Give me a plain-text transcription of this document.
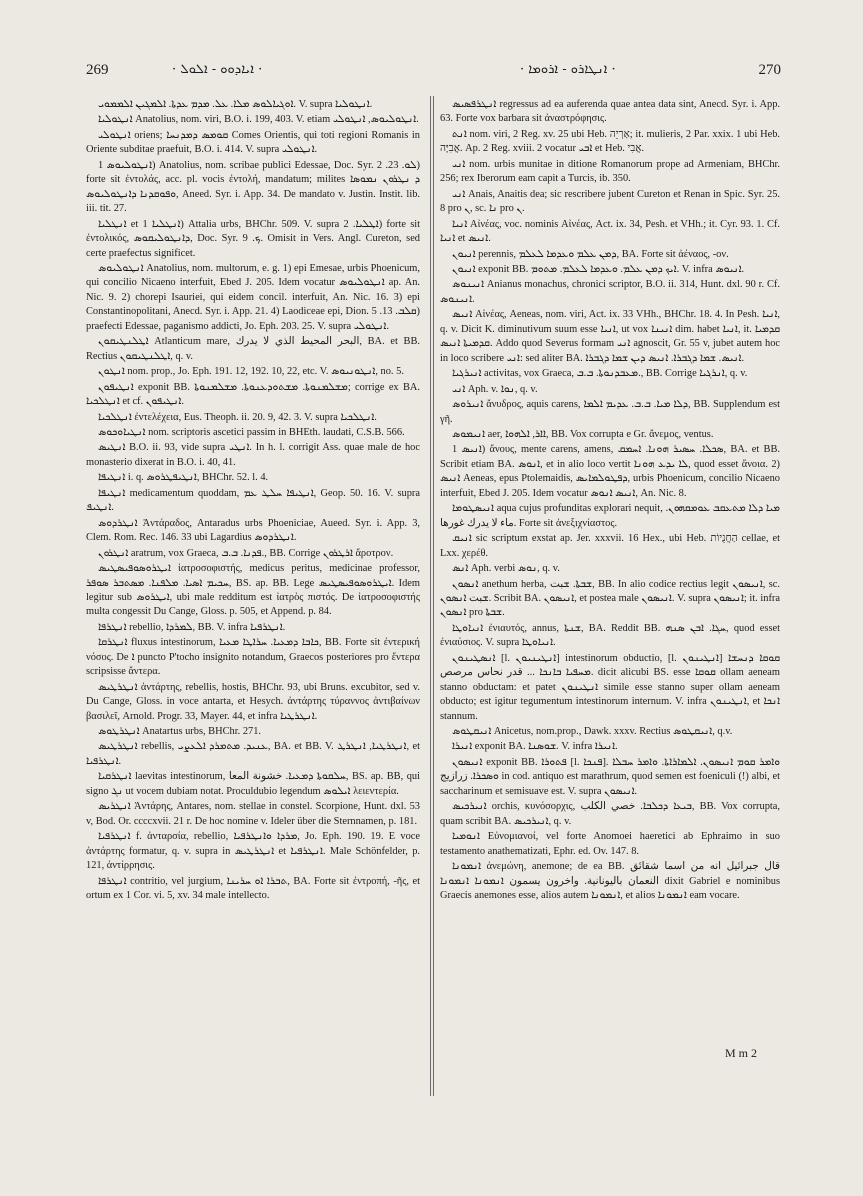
269	· ܐܝܐܕܘܘ - ܐܠܘܠ ·	· ܐܢܛܐܪܘ - ܐܪܘܡܐ ·	270

ܐܘܓܝܐܠܘܣ ܡܠܐ. ܥܠ. ܡܕܡ ܥܕܬܐ. ܐܠܡܓܝܢ ܐܠܡܡܘܝ. V. supra ܐܢܛܘܠܝܐ.

ܐܢܛܘܠܝܐ Anatolius, nom. viri, B.O. i. 199, 403. V. etiam ܐܢܛܘܠܝܘܣ, ܐܢܛܘܠܝ.

ܐܢܛܘܠܝ oriens; ܩܘܡܣ ܕܡܕܢܚܐ Comes Orientis, qui toti regioni Romanis in Oriente subditae praefuit, B.O. i. 414. V. supra ܐܢܛܘܠܝ.

ܐܢܛܘܠܝܘܣ 1) Anatolius, nom. scribae publici Edessae, Doc. Syr. ܠܘ. 23. 2) forte sit ἐντολάς, acc. pl. vocis ἐντολή, mandatum; milites ܕ ܢܛܪܘܢ ܢܡܘܣܐ ܘܦܘܩܕܢܐ ܕܐܢܛܘܠܝܘܣ, Aneed. Syr. i. App. 34. De mandato v. Justin. Instit. lib. iii. tit. 27.

ܐܢܛܠܝܐ et ܐܢܛܠܝܐ 1) Attalia urbs, BHChr. 509. V. supra ܐܛܠܝܐ. 2) forte sit ἐντολικός, ܕܐܢܛܘܠܝܩܘܣ, Doc. Syr. ܟ. 9. Omisit in Vers. Angl. Cureton, sed certe praefectus significet.

ܐܢܛܘܠܝܘܣ Anatolius, nom. multorum, e. g. 1) epi Emesae, urbis Phoenicum, qui concilio Nicaeno interfuit, Ebed J. 205. Idem vocatur ܐܢܛܘܠܝܘܣ ap. An. Nic. 9. 2) chorepi Isauriei, qui eidem concil. interfuit, An. Nic. 16. 3) epi Constantinopolitani, Anecd. Syr. i. App. 21. 4) Laodiceae epi, Dion. ܩܠܒ. 13. 5) praefecti Edessae, paganismo addicti, Jo. Eph. 203. 25. V. supra ܐܢܛܘܠܝ.

ܐܛܠܢܛܝܩܘܢ Atlanticum mare, البحر المحيط الذي لا يدرك, BA. et BB. Rectius ܐܛܠܢܛܝܩܘܢ, q. v.

ܐܢܛܘܢ nom. prop., Jo. Eph. 191. 12, 192. 10, 22, etc. V. ܐܢܛܘܢܝܘܣ, no. 5.

ܐܢܛܝܦܘܢ exponit BB. ܡܫܠܡܢܘܬܐ. ܡܫܬܘܕܥܢܘܬܐ. ܡܫܠܡܢܘܬܐ; corrige ex BA. ܐܢܛܠܟܝܐ et cf. ܐܢܛܝܦܘܢ.

ܐܢܛܠܟܝܐ ἐντελέχεια, Eus. Theoph. ii. 20. 9, 42. 3. V. supra ܐܢܛܠܟܝܐ.

ܐܢܛܝܐܘܟܘܣ nom. scriptoris ascetici passim in BHEth. laudati, C.S.B. 566.

ܐܢܛܝܣ B.O. ii. 93, vide supra ܐܢܛܝ. In h. l. corrigit Ass. quae male de hoc monasterio dixerat in B.O. i. 40, 41.

ܐܢܛܝܦܐ i. q. ܐܢܛܝܦܛܪܘܣ, BHChr. 52. l. 4.

ܐܢܛܝܦܐ medicamentum quoddam, ܐܢܛܝܦܐ ܚܠܛ ܥܡ, Geop. 50. 16. V. supra ܐܢܛܝܦ.

ܐܢܛܪܕܘܣ Ἀντάραδος, Antaradus urbs Phoeniciae, Aueed. Syr. i. App. 3, Clem. Rom. Rec. 146. 33 ubi Lagardius ܐܢܛܪܕܘܣ.

ܐܢܛܪܘܢ aratrum, vox Graeca, ܦܕܢܐ. ܒ.ܒ., BB. Corrige ܐܪܛܪܘܢ ἄροτρον.

ܐܝܛܪܘܣܘܦܝܣܛܝܣ ἰατροσοφιστής, medicus peritus, medicinae professor, ܚܟܝܡ ܐܣܝܐ. ܡܠܦܢܐ. ܡܣܬܒܪ ܣܘܦܪ, BS. ap. BB. Lege ܐܝܛܪܘܣܘܦܝܣܛܝܣ. Idem legitur sub ܐܝܛܪܘܣ, ubi male redditum est ἰατρὸς πιστός. De ἰατροσοφιστής multa congessit Du Cange, Gloss. p. 505, et Append. p. 84.

ܐܢܛܪܦܐ rebellio, ܠܡܪܕܐ, BB. V. infra ܐܢܛܪܦܝܐ.

ܐܢܛܪܩܐ fluxus intestinorum, ܟܐܒܐ ܕܡܥܝܐ. ܚܪܐܛܐ ܡܥܝܐ, BB. Forte sit ἐντερική νόσος. De ܐ puncto P'tocho insignito notandum, Graecos posteriores pro ἔντερα scripsisse ἄντερα.

ܐܢܛܪܛܝܣ ἀντάρτης, rebellis, hostis, BHChr. 93, ubi Bruns. excubitor, sed v. Du Cange, Gloss. in voce antarta, et Hesych. ἀντάρτης τύραννος ἀντιβαίνων βασιλεῖ, Arnold. Progr. 33, Mayer. 44, et infra ܐܢܛܪܛܝܐ.

ܐܢܛܪܛܘܣ Anatartus urbs, BHChr. 271.

ܐܢܛܪܛܝܣ rebellis, ܥܢܝܕ. ܡܬܡܪܕ ܐܠܥܨܝ, BA. et BB. V. ܐܢܛܪܛܝܐ, ܐܢܛܪܛ, et ܐܢܛܪܦܝܐ.

ܐܢܛܪܩܝܐ laevitas intestinorum, ܚܠܩܘܬܐ ܕܡܥܝܐ. خشونة المعا, BS. ap. BB, qui signo ܢܓ ut vocem dubiam notat. Proculdubio legendum ܐܝܠܘܣ λειεντερία.

ܐܢܛܪܝܣ Ἀντάρης, Antares, nom. stellae in constel. Scorpione, Hunt. dxl. 53 v, Bod. Or. ccccxvii. 21 r. De hoc nomine v. Ideler über die Sternnamen, p. 181.

ܐܢܛܪܦܝܐ f. ἀνταρσία, rebellio, ܡܪܕܐ ܘܐܢܛܪܦܝܐ, Jo. Eph. 190. 19. E voce ἀντάρτης formatur, q. v. supra in ܐܢܛܪܛܝܣ et ܐܢܛܪܦܝܐ. Male Schönfelder, p. 121, ἀντίρρησις.

ܐܢܛܪܦܐ contritio, vel jurgium, ܬܒܪܐ ܐܘ ܚܪܝܢܐ, BA. Forte sit ἐντροπή, -ῆς, et ortum ex 1 Cor. vi. 5, xv. 34 male intellecto.

ܐܢܛܪܦܣܝܣ regressus ad ea auferenda quae antea data sint, Anecd. Syr. i. App. 63. Forte vox barbara sit ἀναστρόφησις.

ܐܢܬ nom. viri, 2 Reg. xv. 25 ubi Heb. אַרְיֵה; it. mulieris, 2 Par. xxix. 1 ubi Heb. אֲבִיָּה. Ap. 2 Reg. xviii. 2 vocatur ܐܒܝ et Heb. אֲבִי.

ܐܢܝ nom. urbis munitae in ditione Romanorum prope ad Armeniam, BHChr. 256; rex Iberorum eam capit a Turcis, ib. 350.

ܐܢܝ Anais, Anaitis dea; sic rescribere jubent Cureton et Renan in Spic. Syr. 25. 8 pro ܢ, sc. ܢܐ pro ܢ.

ܐܢܝܐ Αἰνέας, voc. nominis Αἰνέας, Act. ix. 34, Pesh. et VHh.; it. Cyr. 93. 1. Cf. ܐܢܝܐ et ܐܢܝܣ.

ܐܢܝܘܢ perennis, ܕܡܢ ܥܠܡ ܘܥܕܡܐ ܠܥܠܡ, BA. Forte sit ἀέναος, -ον.

ܐܢܝܘܢ exponit BB. ܐܝܟ ܕܡܢ ܥܠܡ. ܘܥܕܡܐ ܠܥܠܡ. ܡܬܘܡ. V. infra ܐܢܝܘܣ.

ܐܢܝܢܘܣ Anianus monachus, chronici scriptor, B.O. ii. 314, Hunt. dxl. 90 r. Cf. ܐܢܝܢܘܣ.

ܐܢܝܣ Αἰνέας, Aeneas, nom. viri, Act. ix. 33 VHh., BHChr. 18. 4. In Pesh. ܐܢܝܐ, q. v. Dicit K. diminutivum suum esse ܐܢܝܐ, ut vox ܐܢܝܢܐ dim. habet ܐܢܝܐ, it. ܩܕܡܝܐ ܩܕܡܝܬܐ ܐܢܝܣ. Addo quod Severus formam ܐܢܝ agnoscit, Gr. 55 v, jubet autem hoc in loco scribere ܐܢܝ: sed aliter BA. ܐܢܝܣ. ܫܡܐ ܕܓܒܪܐ. ܐܢܝܣ ܕܝܢ ܫܡܐ ܕܓܒܪܐ.

ܐܢܝܪܓܝܐ activitas, vox Graeca, ܡܥܒܕܢܘܬܐ. ܒ.ܒ., BB. Corrige ܐܢܪܓܝܐ, q. v.

ܐܢܝ Aph. v. ܢܘܐ, q. v.

ܐܢܝܪܘܣ ἄνυδρος, aquis carens, ܕܠܐ ܡܝܐ. ܒ.ܒ. ܥܕܝܡ ܐܠܡܐ, BB. Supplendum est γῆ.

ܐܢܝܡܘܣ aer, ܐܐܪ, ܐܠܗܘܐ, BB. Vox corrupta e Gr. ἄνεμος, ventus.

ܐܢܝܣ 1) ἄνους, mente carens, amens, ܣܟܠܐ. ܚܣܝܪ ܗܘܢܐ. ܐܚܡܩ, BA. et BB. Scribit etiam BA. ܐܢܘܣ, et in alio loco vertit ܠܐ ܝܕܥ ܗܘܢܐ, quod esset ἄνοια. 2) ܐܢܝܣ Aeneas, epus Ptolemaidis, ܕܦܛܘܠܡܐܝܣ, urbis Phoenicum, concilio Nicaeno interfuit, Ebed J. 205. Idem vocatur ܐܢܝܣ ܐܢܘܣ, An. Nic. 8.

ܐܢܝܣܛܘܡܐ aqua cujus profunditas explorari nequit, ܡܝܐ ܕܠܐ ܡܬܥܩܒ ܥܘܡܩܗܘܢ. ماء لا يدرك غورها. Forte sit ἀνεξιχνίαστος.

ܐܢܝܩ sic scriptum exstat ap. Jer. xxxvii. 16 Hex., ubi Heb. הַחֲנֻיוֹת cellae, et Lxx. χερέθ.

ܐܢܣ Aph. verbi ܢܘܣ, q. v.

ܐܢܣܘܢ anethum herba, ܫܒܬܐ. ܫبت, BB. In alio codice rectius legit ܐܢܝܣܘܢ, sc. ܫبت ܐܢܣܘܢ. Scribit BA. ܐܢܝܣܘܢ, et postea male ܐܢܝܣܘܢ. V. supra ܐܢܝܣܘܢ; it. infra ܐܢܣܘܢ pro ܫܒܬܐ.

ܐܢܝܐܘܛܐ ἐνιαυτός, annus, ܫܢܬܐ, BA. Reddit BB. ܚܓܐ. ܐܒܢ ܣܢܗ, quod esset ἐνιαύσιος. V. supra ܐܢܝܐܘܛܐ.

ܐܢܣܛܝܢܘܢ [l. ܐܢܛܝܢܝܘܢ] intestinorum obductio, [l. ܐܢܛܝܢܘܢ] ܩܘܩܐ ܕܢܚܫܐ ܡܚܦܝܐ ܒܐܢܟܐ ... قدر نحاس مرصص. dicit alicubi BS. esse ܩܘܩܐ ollam aeneam stanno obductam: et patet ܐܢܛܝܢܘܢ simile esse stanno super ollam aeneam obducto; est igitur tegumentum intestinorum internum. V. infra ܐܢܛܝܢܘܢ, et ܐܢܟܐ stannum.

ܐܢܝܩܛܘܣ Anicetus, nom.prop., Dawk. xxxv. Rectius ܐܢܝܩܛܘܣ, q.v.

ܐܢܝܪܐ exponit BA. ܫܘܣܢܐ. V. infra ܐܢܝܪܐ.

ܐܢܝܣܘܢ exponit BB. ܦܬܘܪܐ [l. ܦܢܟܐ]. ܘܐܡܪ ܩܘܡ ܐܢܝܣܘܢ. ܐܠܡܐܪܐܬܐ. ܘܐܡܪ ܚܒܠܐ ܘܣܟܪܐ. زرازيج in cod. antiquo est marathrum, quod semen est foeniculi (!) albi, et saccharinum et semisuave est. V. supra ܐܢܝܣܘܢ.

ܐܢܝܪܟܝܣ orchis, κυνόσορχις, ܒܝܥܐ ܕܟܠܒܐ. خصي الكلب, BB. Vox corrupta, quam scribit BA. ܐܢܝܪܟܝܣ, q. v.

ܐܢܘܡܝܐ Εὐνομιανοί, vel forte Anomoei haeretici ab Ephraimo in suo testamento anathematizati, Ephr. ed. Ov. 147. 8.

ܐܢܡܘܢܐ ἀνεμώνη, anemone; de ea BB. قال جبرائيل انه من اسما شقائق النعمان باليونانية. واخرون يسمون ܐܢܡܘܢܐ ܐܢܡܘܢܐ dixit Gabriel e nominibus Graecis anemones esse, alios autem ܐܢܡܘܢܐ, et alios ܐܢܡܘܢܐ eam vocare.

M m 2
